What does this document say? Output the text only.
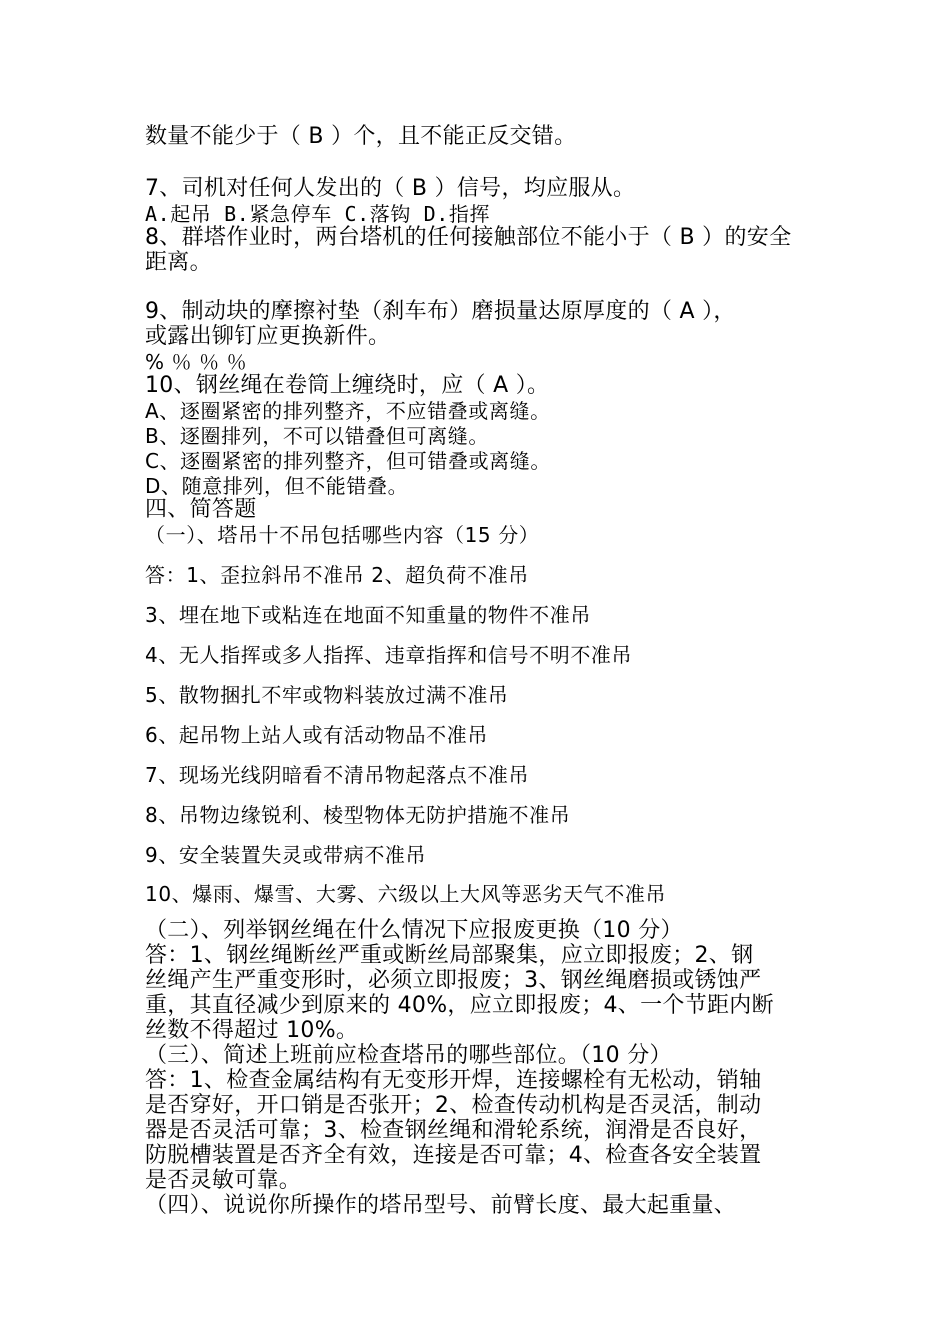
数量不能少于（ B ）个，且不能正反交错。
7、司机对任何人发出的（ B ）信号，均应服从。
A.起吊 B.紧急停车 C.落钩 D.指挥
8、群塔作业时，两台塔机的任何接触部位不能小于（ B ）的安全
距离。
9、制动块的摩擦衬垫（刹车布）磨损量达原厚度的（ A ），
或露出铆钉应更换新件。
% ％ ％ ％
10、钢丝绳在卷筒上缠绕时，应（ A ）。
A、逐圈紧密的排列整齐，不应错叠或离缝。
B、逐圈排列，不可以错叠但可离缝。
C、逐圈紧密的排列整齐，但可错叠或离缝。
D、随意排列，但不能错叠。
四、简答题
（一）、塔吊十不吊包括哪些内容（15 分）
答：1、歪拉斜吊不准吊 2、超负荷不准吊
3、埋在地下或粘连在地面不知重量的物件不准吊
4、无人指挥或多人指挥、违章指挥和信号不明不准吊
5、散物捆扎不牢或物料装放过满不准吊
6、起吊物上站人或有活动物品不准吊
7、现场光线阴暗看不清吊物起落点不准吊
8、吊物边缘锐利、棱型物体无防护措施不准吊
9、安全装置失灵或带病不准吊
10、爆雨、爆雪、大雾、六级以上大风等恶劣天气不准吊
（二）、列举钢丝绳在什么情况下应报废更换（10 分）
答：1、钢丝绳断丝严重或断丝局部聚集，应立即报废；2、钢
丝绳产生严重变形时，必须立即报废；3、钢丝绳磨损或锈蚀严
重，其直径减少到原来的 40%，应立即报废；4、一个节距内断
丝数不得超过 10%。
（三）、简述上班前应检查塔吊的哪些部位。（10 分）
答：1、检查金属结构有无变形开焊，连接螺栓有无松动，销轴
是否穿好，开口销是否张开；2、检查传动机构是否灵活，制动
器是否灵活可靠；3、检查钢丝绳和滑轮系统，润滑是否良好，
防脱槽装置是否齐全有效，连接是否可靠；4、检查各安全装置
是否灵敏可靠。
（四）、说说你所操作的塔吊型号、前臂长度、最大起重量、
